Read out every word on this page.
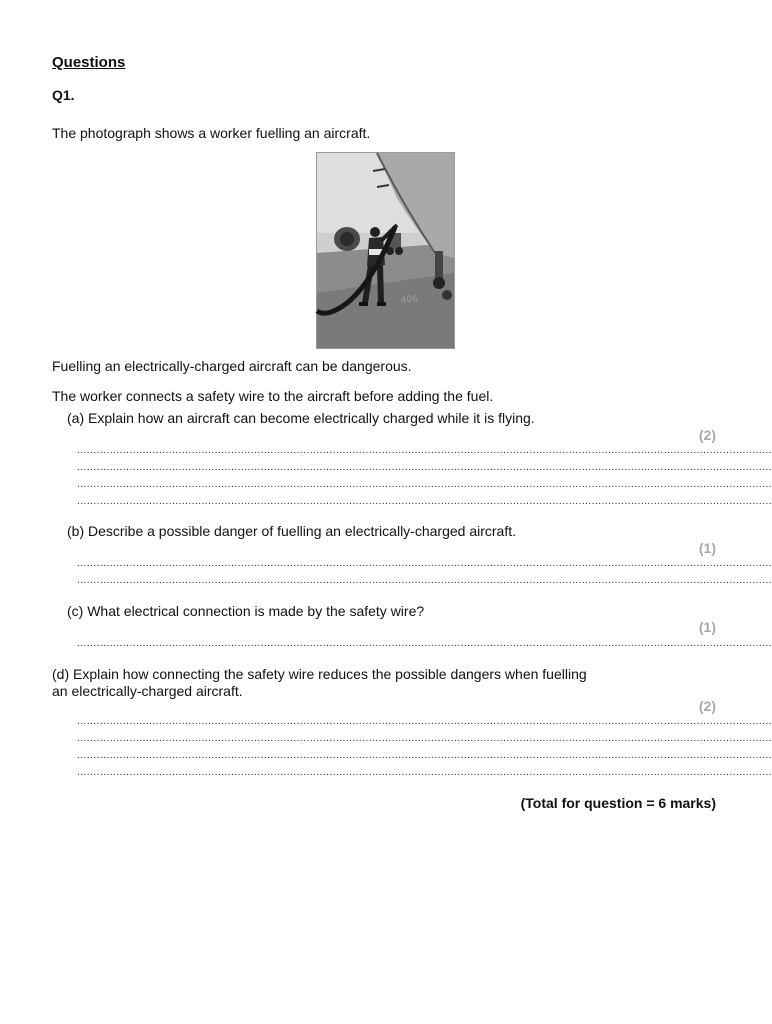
Questions
Q1.
The photograph shows a worker fuelling an aircraft.
406
Fuelling an electrically-charged aircraft can be dangerous.
The worker connects a safety wire to the aircraft before adding the fuel.
(a) Explain how an aircraft can become electrically charged while it is flying.
(2)
....................................................................................................................................................................................................................
....................................................................................................................................................................................................................
....................................................................................................................................................................................................................
....................................................................................................................................................................................................................
(b) Describe a possible danger of fuelling an electrically-charged aircraft.
(1)
....................................................................................................................................................................................................................
....................................................................................................................................................................................................................
(c) What electrical connection is made by the safety wire?
(1)
....................................................................................................................................................................................................................
(d) Explain how connecting the safety wire reduces the possible dangers when fuelling
an electrically-charged aircraft.
(2)
....................................................................................................................................................................................................................
....................................................................................................................................................................................................................
....................................................................................................................................................................................................................
....................................................................................................................................................................................................................
(Total for question = 6 marks)
